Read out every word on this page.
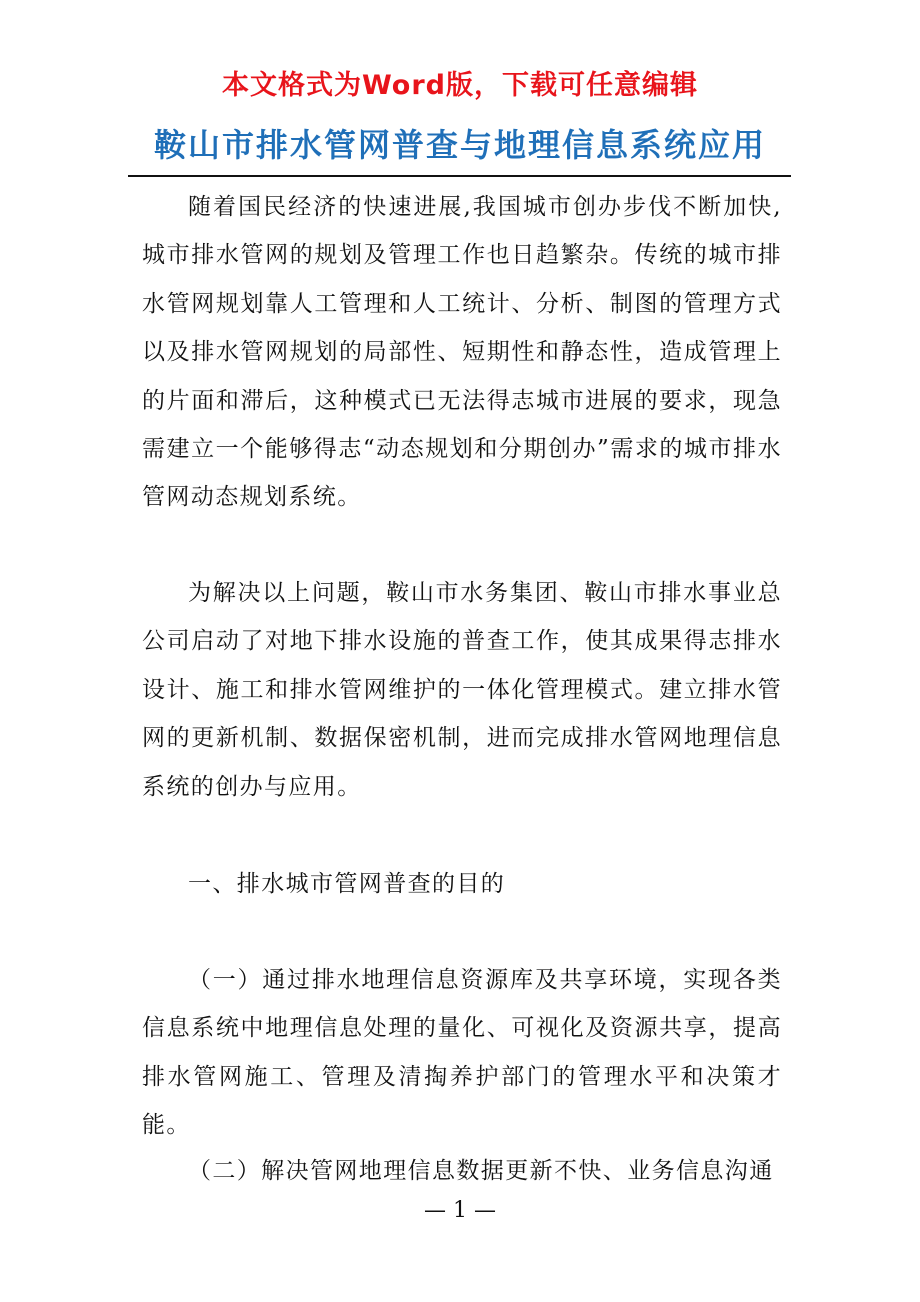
本文格式为Word版，下载可任意编辑
鞍山市排水管网普查与地理信息系统应用

随着国民经济的快速进展,我国城市创办步伐不断加快,城市排水管网的规划及管理工作也日趋繁杂。传统的城市排水管网规划靠人工管理和人工统计、分析、制图的管理方式以及排水管网规划的局部性、短期性和静态性，造成管理上的片面和滞后，这种模式已无法得志城市进展的要求，现急需建立一个能够得志“动态规划和分期创办”需求的城市排水管网动态规划系统。

为解决以上问题，鞍山市水务集团、鞍山市排水事业总公司启动了对地下排水设施的普查工作，使其成果得志排水设计、施工和排水管网维护的一体化管理模式。建立排水管网的更新机制、数据保密机制，进而完成排水管网地理信息系统的创办与应用。

一、排水城市管网普查的目的

（一）通过排水地理信息资源库及共享环境，实现各类信息系统中地理信息处理的量化、可视化及资源共享，提高排水管网施工、管理及清掏养护部门的管理水平和决策才能。

（二）解决管网地理信息数据更新不快、业务信息沟通

— 1 —
